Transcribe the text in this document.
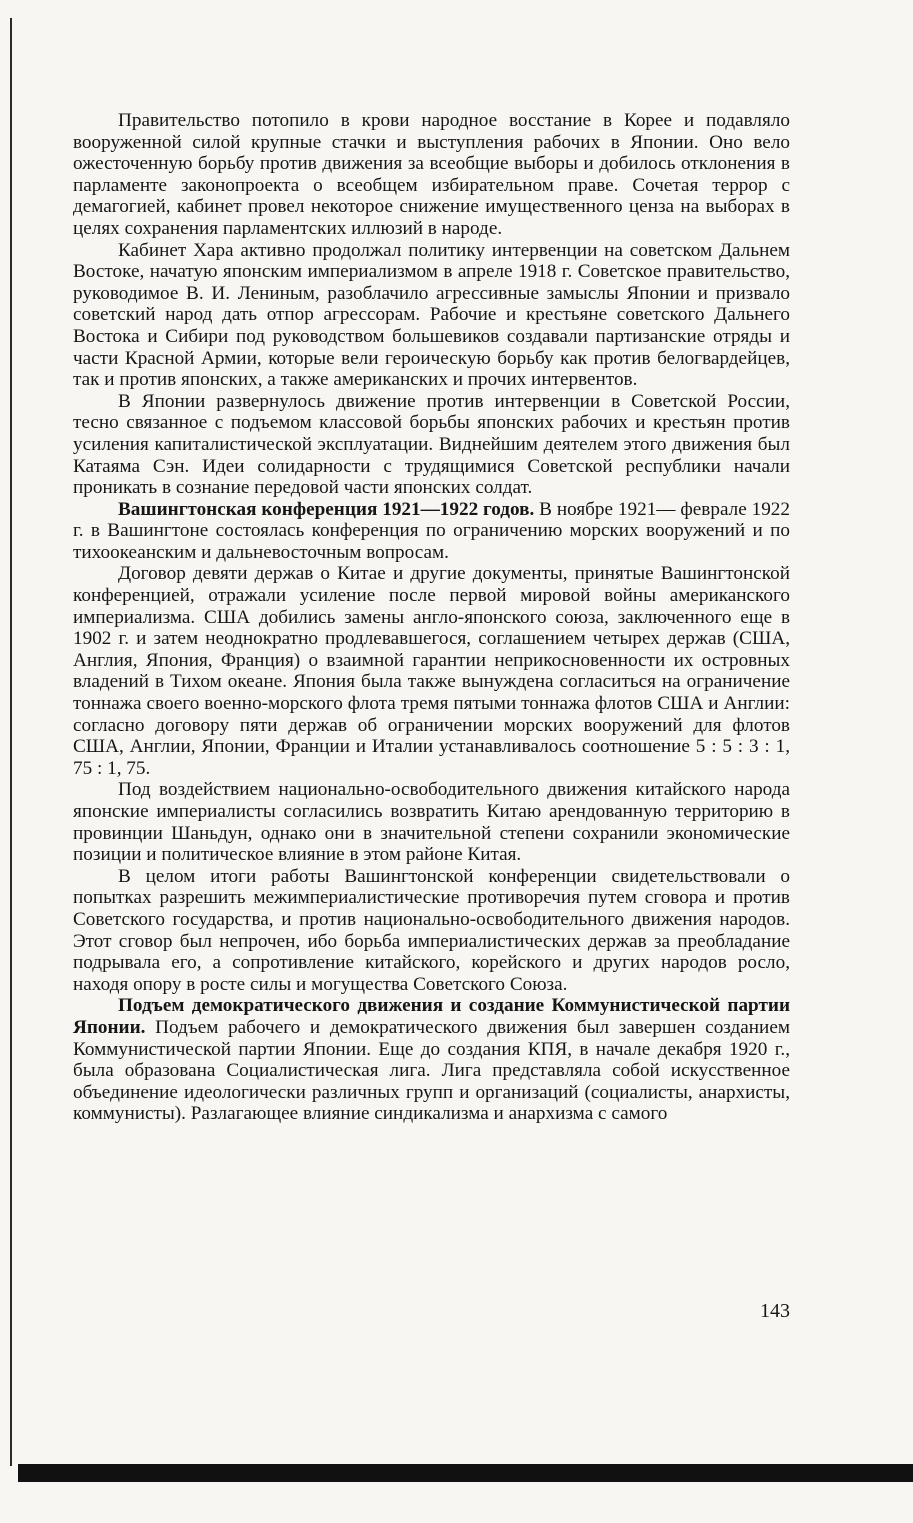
Правительство потопило в крови народное восстание в Корее и подавляло вооруженной силой крупные стачки и выступления рабочих в Японии. Оно вело ожесточенную борьбу против движения за всеобщие выборы и добилось отклонения в парламенте законопроекта о всеобщем избирательном праве. Сочетая террор с демагогией, кабинет провел некоторое снижение имущественного ценза на выборах в целях сохранения парламентских иллюзий в народе.

Кабинет Хара активно продолжал политику интервенции на советском Дальнем Востоке, начатую японским империализмом в апреле 1918 г. Советское правительство, руководимое В. И. Лениным, разоблачило агрессивные замыслы Японии и призвало советский народ дать отпор агрессорам. Рабочие и крестьяне советского Дальнего Востока и Сибири под руководством большевиков создавали партизанские отряды и части Красной Армии, которые вели героическую борьбу как против белогвардейцев, так и против японских, а также американских и прочих интервентов.

В Японии развернулось движение против интервенции в Советской России, тесно связанное с подъемом классовой борьбы японских рабочих и крестьян против усиления капиталистической эксплуатации. Виднейшим деятелем этого движения был Катаяма Сэн. Идеи солидарности с трудящимися Советской республики начали проникать в сознание передовой части японских солдат.

Вашингтонская конференция 1921—1922 годов. В ноябре 1921— феврале 1922 г. в Вашингтоне состоялась конференция по ограничению морских вооружений и по тихоокеанским и дальневосточным вопросам.

Договор девяти держав о Китае и другие документы, принятые Вашингтонской конференцией, отражали усиление после первой мировой войны американского империализма. США добились замены англо-японского союза, заключенного еще в 1902 г. и затем неоднократно продлевавшегося, соглашением четырех держав (США, Англия, Япония, Франция) о взаимной гарантии неприкосновенности их островных владений в Тихом океане. Япония была также вынуждена согласиться на ограничение тоннажа своего военно-морского флота тремя пятыми тоннажа флотов США и Англии: согласно договору пяти держав об ограничении морских вооружений для флотов США, Англии, Японии, Франции и Италии устанавливалось соотношение 5 : 5 : 3 : 1, 75 : 1, 75.

Под воздействием национально-освободительного движения китайского народа японские империалисты согласились возвратить Китаю арендованную территорию в провинции Шаньдун, однако они в значительной степени сохранили экономические позиции и политическое влияние в этом районе Китая.

В целом итоги работы Вашингтонской конференции свидетельствовали о попытках разрешить межимпериалистические противоречия путем сговора и против Советского государства, и против национально-освободительного движения народов. Этот сговор был непрочен, ибо борьба империалистических держав за преобладание подрывала его, а сопротивление китайского, корейского и других народов росло, находя опору в росте силы и могущества Советского Союза.

Подъем демократического движения и создание Коммунистической партии Японии. Подъем рабочего и демократического движения был завершен созданием Коммунистической партии Японии. Еще до создания КПЯ, в начале декабря 1920 г., была образована Социалистическая лига. Лига представляла собой искусственное объединение идеологически различных групп и организаций (социалисты, анархисты, коммунисты). Разлагающее влияние синдикализма и анархизма с самого

143
